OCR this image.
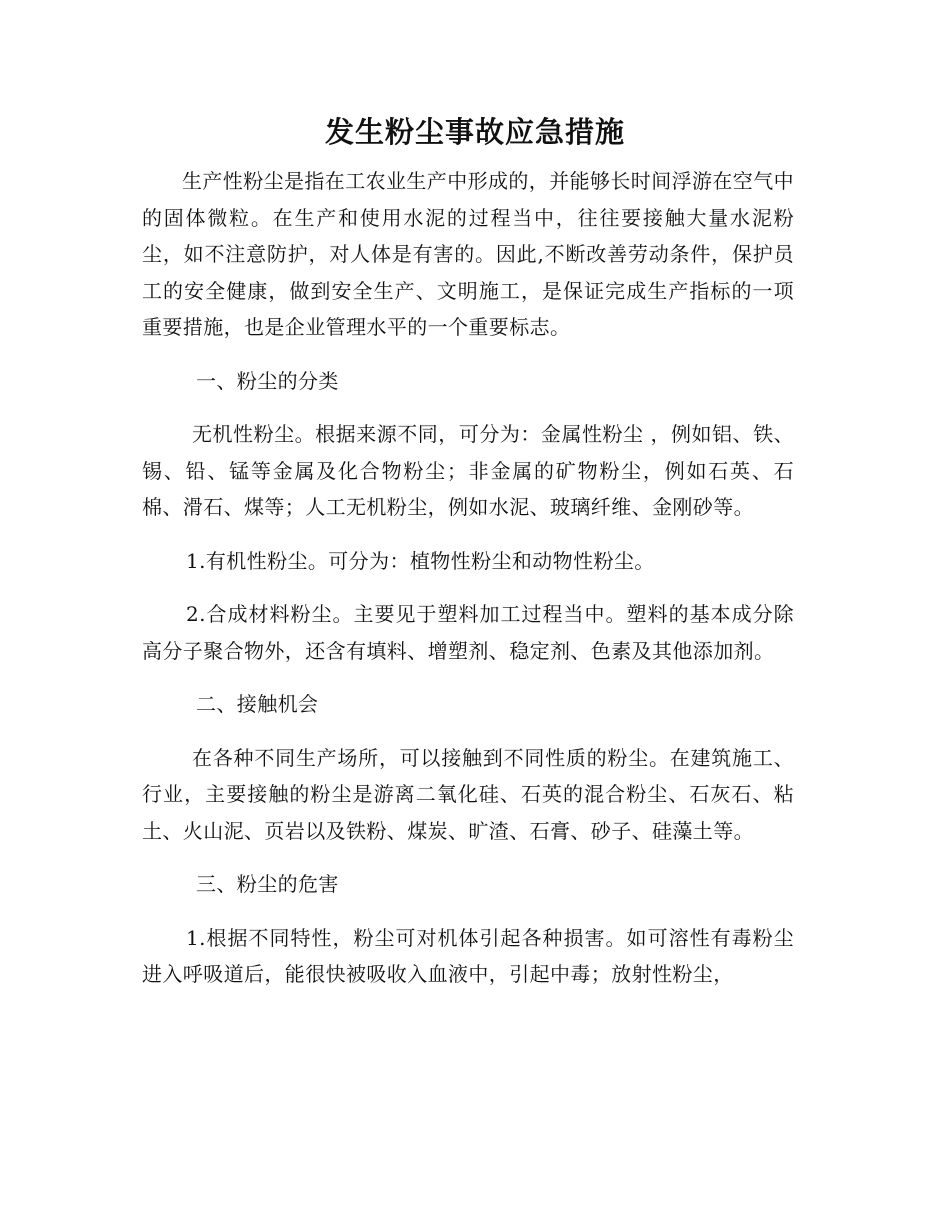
发生粉尘事故应急措施

生产性粉尘是指在工农业生产中形成的，并能够长时间浮游在空气中的固体微粒。在生产和使用水泥的过程当中，往往要接触大量水泥粉尘，如不注意防护，对人体是有害的。因此,不断改善劳动条件，保护员工的安全健康，做到安全生产、文明施工，是保证完成生产指标的一项重要措施，也是企业管理水平的一个重要标志。

一、粉尘的分类

无机性粉尘。根据来源不同，可分为：金属性粉尘 ，例如铝、铁、锡、铅、锰等金属及化合物粉尘；非金属的矿物粉尘，例如石英、石棉、滑石、煤等；人工无机粉尘，例如水泥、玻璃纤维、金刚砂等。

1.有机性粉尘。可分为：植物性粉尘和动物性粉尘。

2.合成材料粉尘。主要见于塑料加工过程当中。塑料的基本成分除高分子聚合物外，还含有填料、增塑剂、稳定剂、色素及其他添加剂。

二、接触机会

在各种不同生产场所，可以接触到不同性质的粉尘。在建筑施工、行业，主要接触的粉尘是游离二氧化硅、石英的混合粉尘、石灰石、粘土、火山泥、页岩以及铁粉、煤炭、旷渣、石膏、砂子、硅藻土等。

三、粉尘的危害

1.根据不同特性，粉尘可对机体引起各种损害。如可溶性有毒粉尘进入呼吸道后，能很快被吸收入血液中，引起中毒；放射性粉尘，
